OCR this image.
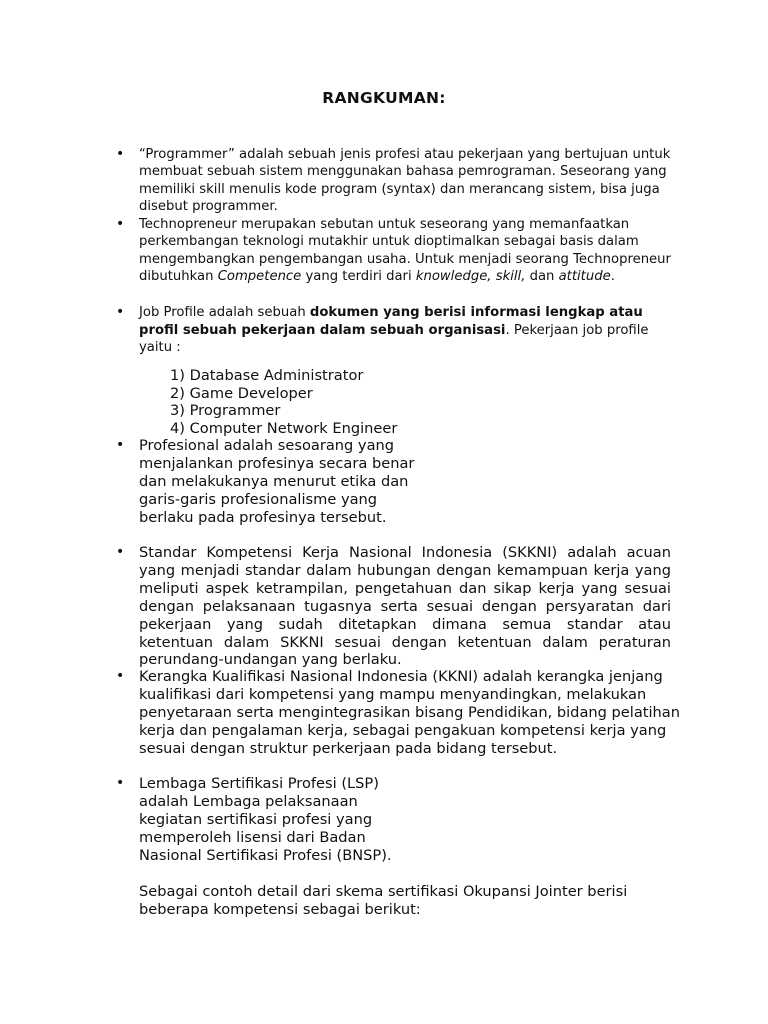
RANGKUMAN:
• “Programmer” adalah sebuah jenis profesi atau pekerjaan yang bertujuan untuk membuat sebuah sistem menggunakan bahasa pemrograman. Seseorang yang memiliki skill menulis kode program (syntax) dan merancang sistem, bisa juga disebut programmer.
• Technopreneur merupakan sebutan untuk seseorang yang memanfaatkan perkembangan teknologi mutakhir untuk dioptimalkan sebagai basis dalam mengembangkan pengembangan usaha. Untuk menjadi seorang Technopreneur dibutuhkan Competence yang terdiri dari knowledge, skill, dan attitude.
• Job Profile adalah sebuah dokumen yang berisi informasi lengkap atau profil sebuah pekerjaan dalam sebuah organisasi. Pekerjaan job profile yaitu :
1) Database Administrator
2) Game Developer
3) Programmer
4) Computer Network Engineer
• Profesional adalah sesoarang yang menjalankan profesinya secara benar dan melakukanya menurut etika dan garis-garis profesionalisme yang berlaku pada profesinya tersebut.
• Standar Kompetensi Kerja Nasional Indonesia (SKKNI) adalah acuan yang menjadi standar dalam hubungan dengan kemampuan kerja yang meliputi aspek ketrampilan, pengetahuan dan sikap kerja yang sesuai dengan pelaksanaan tugasnya serta sesuai dengan persyaratan dari pekerjaan yang sudah ditetapkan dimana semua standar atau ketentuan dalam SKKNI sesuai dengan ketentuan dalam peraturan perundang-undangan yang berlaku.
• Kerangka Kualifikasi Nasional Indonesia (KKNI) adalah kerangka jenjang kualifikasi dari kompetensi yang mampu menyandingkan, melakukan penyetaraan serta mengintegrasikan bisang Pendidikan, bidang pelatihan kerja dan pengalaman kerja, sebagai pengakuan kompetensi kerja yang sesuai dengan struktur perkerjaan pada bidang tersebut.
• Lembaga Sertifikasi Profesi (LSP) adalah Lembaga pelaksanaan kegiatan sertifikasi profesi yang memperoleh lisensi dari Badan Nasional Sertifikasi Profesi (BNSP).
Sebagai contoh detail dari skema sertifikasi Okupansi Jointer berisi beberapa kompetensi sebagai berikut:
